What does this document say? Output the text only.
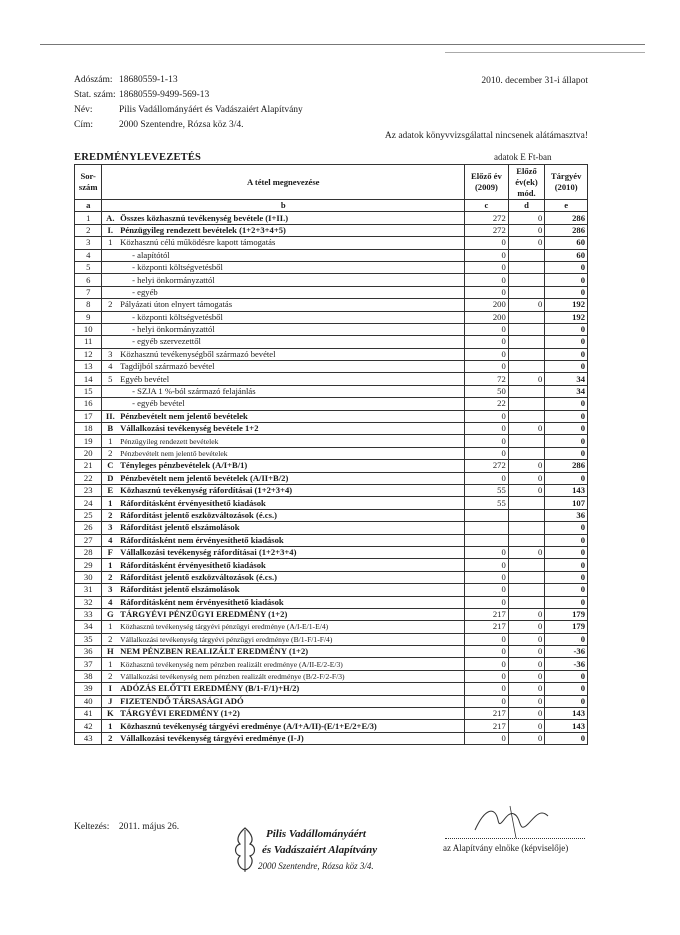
Adószám: 18680559-1-13
Stat. szám: 18680559-9499-569-13
Név:	Pilis Vadállományáért és Vadászaiért Alapítvány
Cím:	2000 Szentendre, Rózsa köz 3/4.
2010. december 31-i állapot
Az adatok könyvvizsgálattal nincsenek alátámasztva!
EREDMÉNYLEVEZETÉS	adatok E Ft-ban
Sor-szám	A tétel megnevezése		Előző év (2009)	Előző év(ek) mód.	Tárgyév (2010)
a	b		c	d	e
1	A.	Összes közhasznú tevékenység bevétele (I+II.)	272	0	286
2	I.	Pénzügyileg rendezett bevételek (1+2+3+4+5)	272	0	286
3	1	Közhasznú célú működésre kapott támogatás	0	0	60
4		- alapítótól	0		60
5		- központi költségvetésből	0		0
6		- helyi önkormányzattól	0		0
7		- egyéb	0		0
8	2	Pályázati úton elnyert támogatás	200	0	192
9		- központi költségvetésből	200		192
10		- helyi önkormányzattól	0		0
11		- egyéb szervezettől	0		0
12	3	Közhasznú tevékenységből származó bevétel	0		0
13	4	Tagdíjból származó bevétel	0		0
14	5	Egyéb bevétel	72	0	34
15		- SZJA 1 %-ból származó felajánlás	50		34
16		- egyéb bevétel	22		0
17	II.	Pénzbevételt nem jelentő bevételek	0		0
18	B	Vállalkozási tevékenység bevétele 1+2	0	0	0
19	1	Pénzügyileg rendezett bevételek	0		0
20	2	Pénzbevételt nem jelentő bevételek	0		0
21	C	Tényleges pénzbevételek (A/I+B/1)	272	0	286
22	D	Pénzbevételt nem jelentő bevételek (A/II+B/2)	0	0	0
23	E	Közhasznú tevékenység ráfordításai (1+2+3+4)	55	0	143
24	1	Ráfordításként érvényesíthető kiadások	55		107
25	2	Ráfordítást jelentő eszközváltozások (é.cs.)			36
26	3	Ráfordítást jelentő elszámolások			0
27	4	Ráfordításként nem érvényesíthető kiadások			0
28	F	Vállalkozási tevékenység ráfordításai (1+2+3+4)	0	0	0
29	1	Ráfordításként érvényesíthető kiadások	0		0
30	2	Ráfordítást jelentő eszközváltozások (é.cs.)	0		0
31	3	Ráfordítást jelentő elszámolások	0		0
32	4	Ráfordításként nem érvényesíthető kiadások	0		0
33	G	TÁRGYÉVI PÉNZÜGYI EREDMÉNY (1+2)	217	0	179
34	1	Közhasznú tevékenység tárgyévi pénzügyi eredménye (A/I-E/1-E/4)	217	0	179
35	2	Vállalkozási tevékenység tárgyévi pénzügyi eredménye (B/1-F/1-F/4)	0	0	0
36	H	NEM PÉNZBEN REALIZÁLT EREDMÉNY (1+2)	0	0	-36
37	1	Közhasznú tevékenység nem pénzben realizált eredménye (A/II-E/2-E/3)	0	0	-36
38	2	Vállalkozási tevékenység nem pénzben realizált eredménye (B/2-F/2-F/3)	0	0	0
39	I	ADÓZÁS ELŐTTI EREDMÉNY (B/1-F/1)+H/2)	0	0	0
40	J	FIZETENDŐ TÁRSASÁGI ADÓ	0	0	0
41	K	TÁRGYÉVI EREDMÉNY (1+2)	217	0	143
42	1	Közhasznú tevékenység tárgyévi eredménye (A/I+A/II)-(E/1+E/2+E/3)	217	0	143
43	2	Vállalkozási tevékenység tárgyévi eredménye (I-J)	0	0	0
Keltezés: 2011. május 26.
Pilis Vadállományáért
és Vadászaiért Alapítvány
2000 Szentendre, Rózsa köz 3/4.
az Alapítvány elnöke (képviselője)
